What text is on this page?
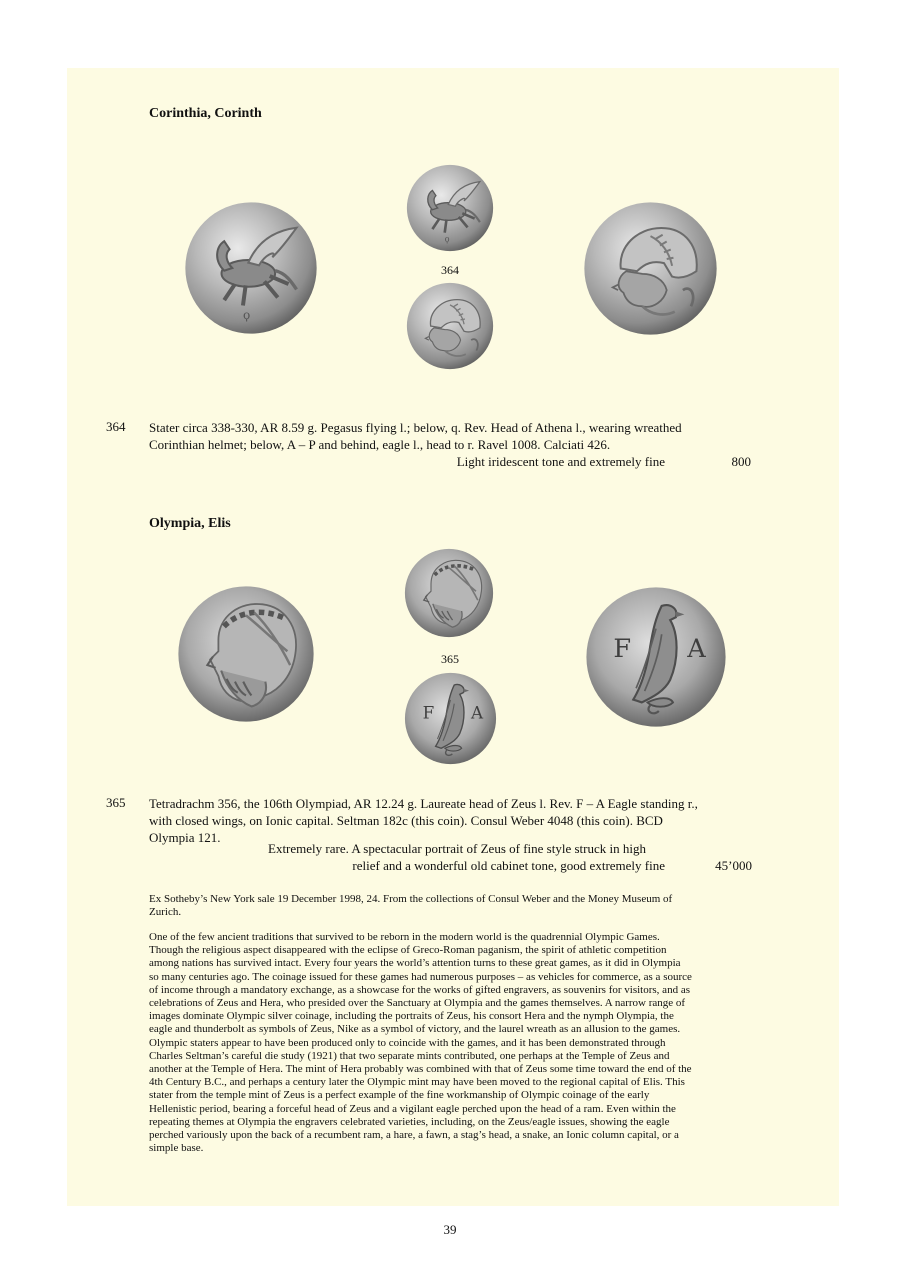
Corinthia, Corinth
364
364 Stater circa 338-330, AR 8.59 g. Pegasus flying l.; below, q. Rev. Head of Athena l., wearing wreathed
Corinthian helmet; below, A – P and behind, eagle l., head to r. Ravel 1008. Calciati 426.
Light iridescent tone and extremely fine	800
Olympia, Elis
365
365 Tetradrachm 356, the 106th Olympiad, AR 12.24 g. Laureate head of Zeus l. Rev. F – A Eagle standing r.,
with closed wings, on Ionic capital. Seltman 182c (this coin). Consul Weber 4048 (this coin). BCD
Olympia 121.
Extremely rare. A spectacular portrait of Zeus of fine style struck in high
relief and a wonderful old cabinet tone, good extremely fine	45’000
Ex Sotheby’s New York sale 19 December 1998, 24. From the collections of Consul Weber and the Money Museum of
Zurich.
One of the few ancient traditions that survived to be reborn in the modern world is the quadrennial Olympic Games.
Though the religious aspect disappeared with the eclipse of Greco-Roman paganism, the spirit of athletic competition
among nations has survived intact. Every four years the world’s attention turns to these great games, as it did in Olympia
so many centuries ago. The coinage issued for these games had numerous purposes – as vehicles for commerce, as a source
of income through a mandatory exchange, as a showcase for the works of gifted engravers, as souvenirs for visitors, and as
celebrations of Zeus and Hera, who presided over the Sanctuary at Olympia and the games themselves. A narrow range of
images dominate Olympic silver coinage, including the portraits of Zeus, his consort Hera and the nymph Olympia, the
eagle and thunderbolt as symbols of Zeus, Nike as a symbol of victory, and the laurel wreath as an allusion to the games.
Olympic staters appear to have been produced only to coincide with the games, and it has been demonstrated through
Charles Seltman’s careful die study (1921) that two separate mints contributed, one perhaps at the Temple of Zeus and
another at the Temple of Hera. The mint of Hera probably was combined with that of Zeus some time toward the end of the
4th Century B.C., and perhaps a century later the Olympic mint may have been moved to the regional capital of Elis. This
stater from the temple mint of Zeus is a perfect example of the fine workmanship of Olympic coinage of the early
Hellenistic period, bearing a forceful head of Zeus and a vigilant eagle perched upon the head of a ram. Even within the
repeating themes at Olympia the engravers celebrated varieties, including, on the Zeus/eagle issues, showing the eagle
perched variously upon the back of a recumbent ram, a hare, a fawn, a stag’s head, a snake, an Ionic column capital, or a
simple base.
39
